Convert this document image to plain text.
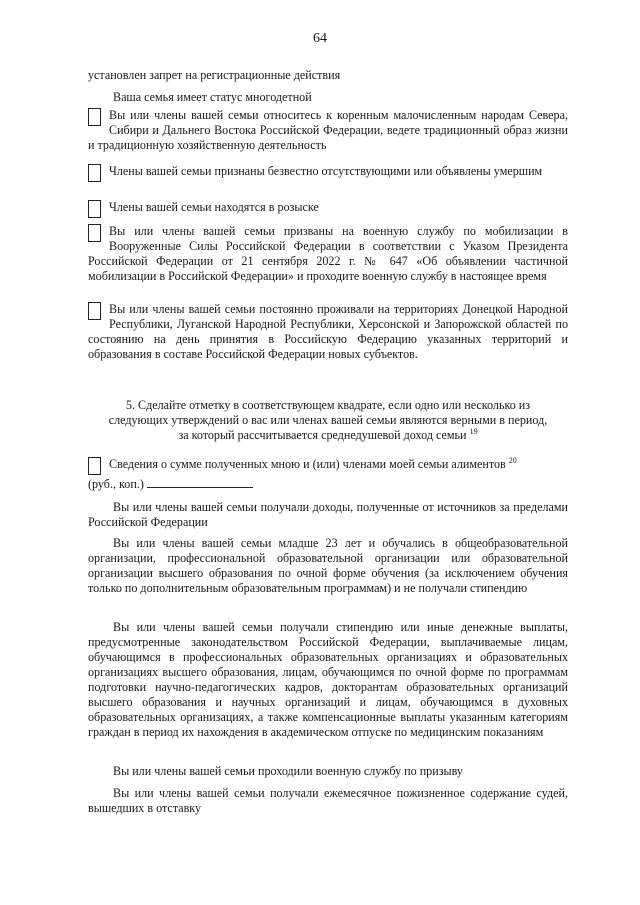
64
установлен запрет на регистрационные действия
Ваша семья имеет статус многодетной
Вы или члены вашей семьи относитесь к коренным малочисленным народам Севера, Сибири и Дальнего Востока Российской Федерации, ведете традиционный образ жизни и традиционную хозяйственную деятельность
Члены вашей семьи признаны безвестно отсутствующими или объявлены умершим
Члены вашей семьи находятся в розыске
Вы или члены вашей семьи призваны на военную службу по мобилизации в Вооруженные Силы Российской Федерации в соответствии с Указом Президента Российской Федерации от 21 сентября 2022 г. № 647 «Об объявлении частичной мобилизации в Российской Федерации» и проходите военную службу в настоящее время
Вы или члены вашей семьи постоянно проживали на территориях Донецкой Народной Республики, Луганской Народной Республики, Херсонской и Запорожской областей по состоянию на день принятия в Российскую Федерацию указанных территорий и образования в составе Российской Федерации новых субъектов.
5. Сделайте отметку в соответствующем квадрате, если одно или несколько из
следующих утверждений о вас или членах вашей семьи являются верными в период,
за который рассчитывается среднедушевой доход семьи $^{19}$
Сведения о сумме полученных мною и (или) членами моей семьи алиментов $^{20}$
(руб., коп.)
Вы или члены вашей семьи получали доходы, полученные от источников за пределами Российской Федерации
Вы или члены вашей семьи младше 23 лет и обучались в общеобразовательной организации, профессиональной образовательной организации или образовательной организации высшего образования по очной форме обучения (за исключением обучения только по дополнительным образовательным программам) и не получали стипендию
Вы или члены вашей семьи получали стипендию или иные денежные выплаты, предусмотренные законодательством Российской Федерации, выплачиваемые лицам, обучающимся в профессиональных образовательных организациях и образовательных организациях высшего образования, лицам, обучающимся по очной форме по программам подготовки научно-педагогических кадров, докторантам образовательных организаций высшего образования и научных организаций и лицам, обучающимся в духовных образовательных организациях, а также компенсационные выплаты указанным категориям граждан в период их нахождения в академическом отпуске по медицинским показаниям
Вы или члены вашей семьи проходили военную службу по призыву
Вы или члены вашей семьи получали ежемесячное пожизненное содержание судей, вышедших в отставку
